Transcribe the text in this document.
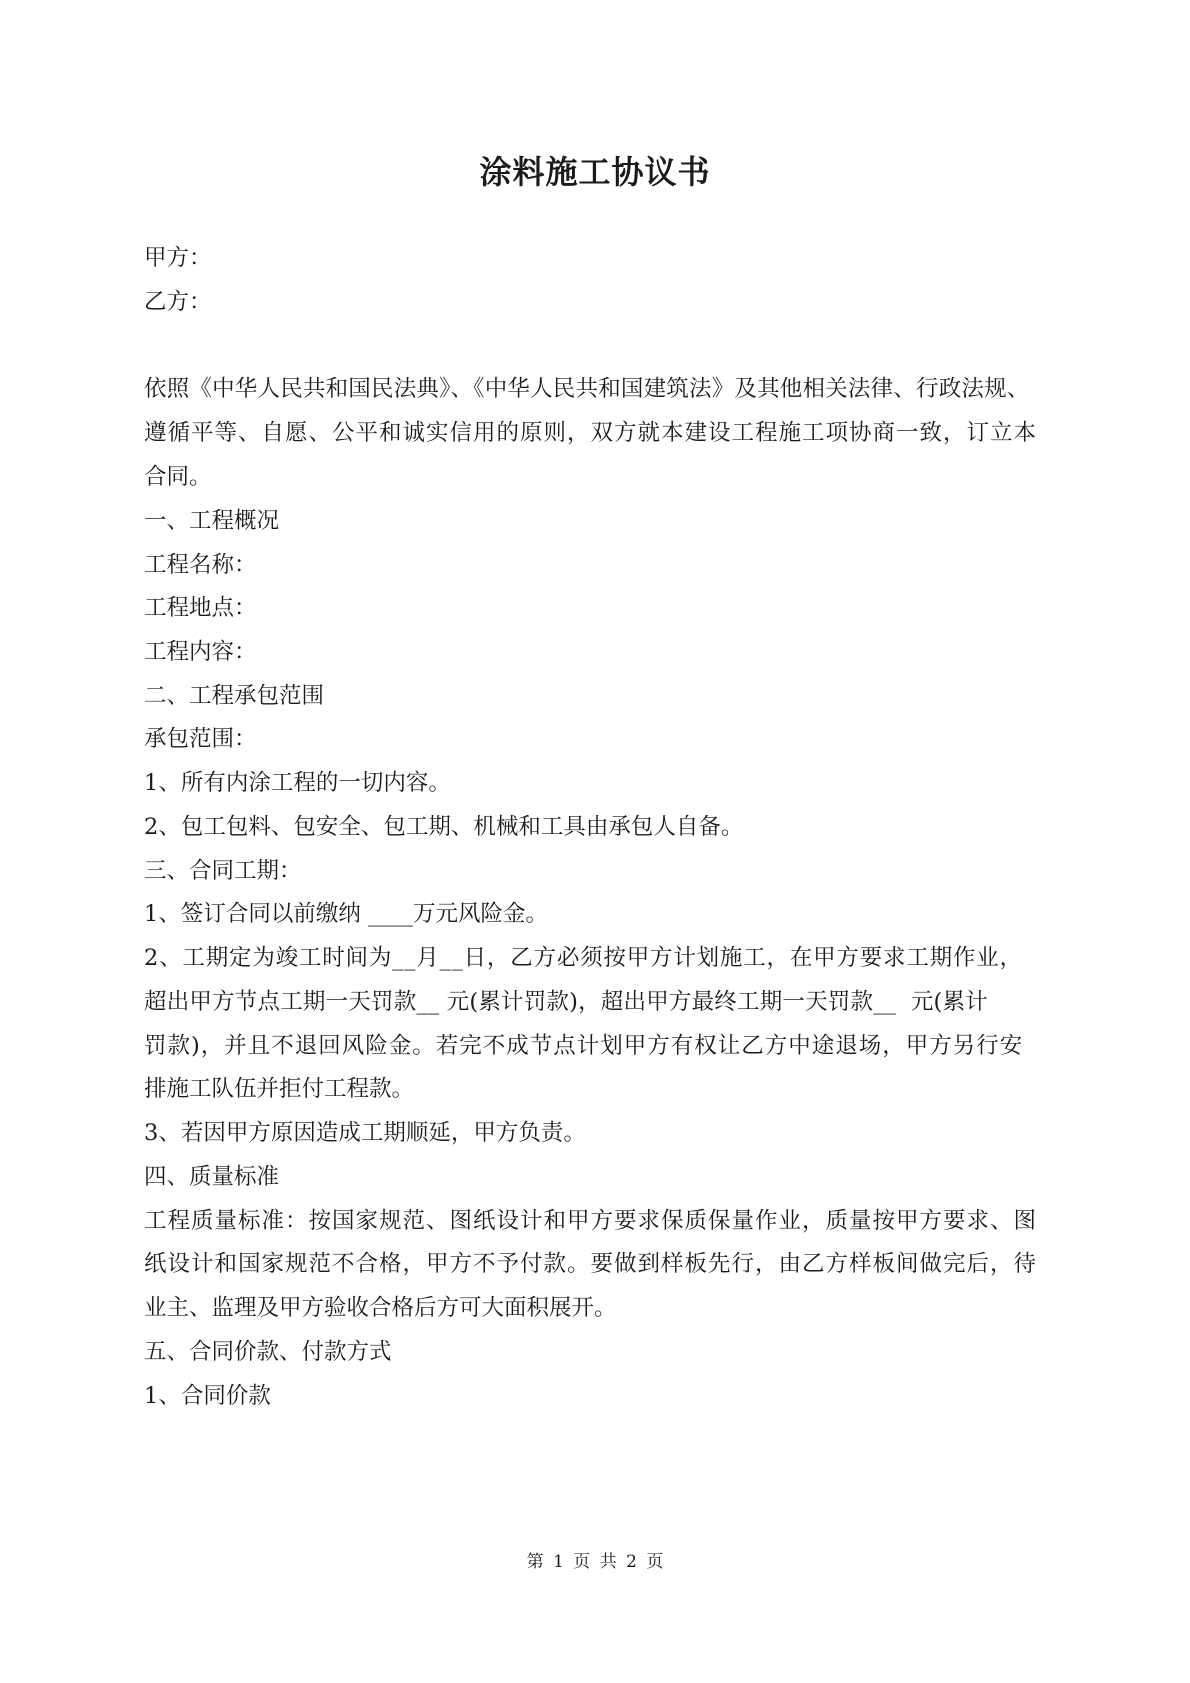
涂料施工协议书
甲方：
乙方：
依照《中华人民共和国民法典》、《中华人民共和国建筑法》及其他相关法律、行政法规、
遵循平等、自愿、公平和诚实信用的原则，双方就本建设工程施工项协商一致，订立本
合同。
一、工程概况
工程名称：
工程地点：
工程内容：
二、工程承包范围
承包范围：
1、所有内涂工程的一切内容。
2、包工包料、包安全、包工期、机械和工具由承包人自备。
三、合同工期：
1、签订合同以前缴纳 ____万元风险金。
2、工期定为竣工时间为__月__日，乙方必须按甲方计划施工，在甲方要求工期作业，
超出甲方节点工期一天罚款__ 元(累计罚款)，超出甲方最终工期一天罚款__  元(累计
罚款)，并且不退回风险金。若完不成节点计划甲方有权让乙方中途退场，甲方另行安
排施工队伍并拒付工程款。
3、若因甲方原因造成工期顺延，甲方负责。
四、质量标准
工程质量标准：按国家规范、图纸设计和甲方要求保质保量作业，质量按甲方要求、图
纸设计和国家规范不合格，甲方不予付款。要做到样板先行，由乙方样板间做完后，待
业主、监理及甲方验收合格后方可大面积展开。
五、合同价款、付款方式
1、合同价款
第 1 页 共 2 页
